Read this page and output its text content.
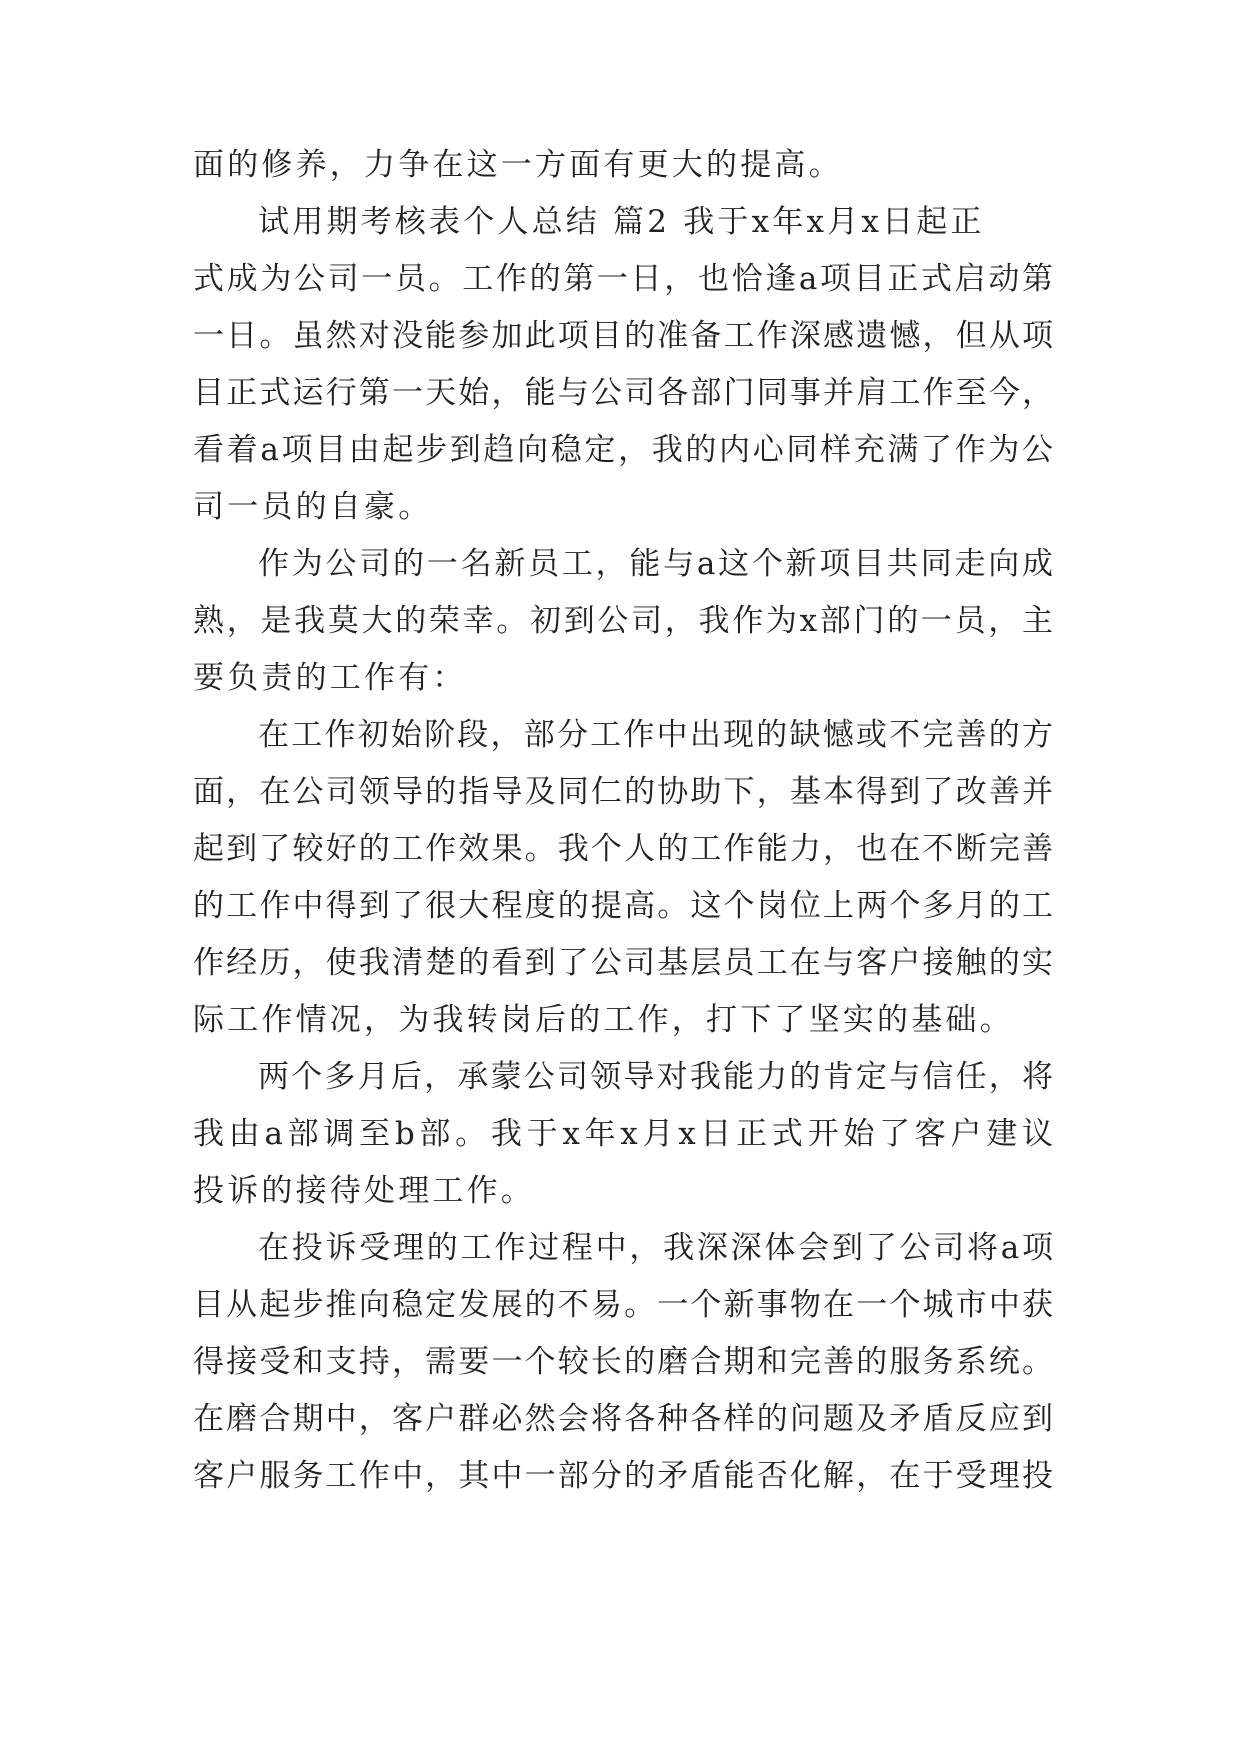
面的修养，力争在这一方面有更大的提高。
试用期考核表个人总结 篇2 我于x年x月x日起正
式成为公司一员。工作的第一日，也恰逢a项目正式启动第
一日。虽然对没能参加此项目的准备工作深感遗憾，但从项
目正式运行第一天始，能与公司各部门同事并肩工作至今，
看着a项目由起步到趋向稳定，我的内心同样充满了作为公
司一员的自豪。
作为公司的一名新员工，能与a这个新项目共同走向成
熟，是我莫大的荣幸。初到公司，我作为x部门的一员，主
要负责的工作有：
在工作初始阶段，部分工作中出现的缺憾或不完善的方
面，在公司领导的指导及同仁的协助下，基本得到了改善并
起到了较好的工作效果。我个人的工作能力，也在不断完善
的工作中得到了很大程度的提高。这个岗位上两个多月的工
作经历，使我清楚的看到了公司基层员工在与客户接触的实
际工作情况，为我转岗后的工作，打下了坚实的基础。
两个多月后，承蒙公司领导对我能力的肯定与信任，将
我由a部调至b部。我于x年x月x日正式开始了客户建议
投诉的接待处理工作。
在投诉受理的工作过程中，我深深体会到了公司将a项
目从起步推向稳定发展的不易。一个新事物在一个城市中获
得接受和支持，需要一个较长的磨合期和完善的服务系统。
在磨合期中，客户群必然会将各种各样的问题及矛盾反应到
客户服务工作中，其中一部分的矛盾能否化解，在于受理投
